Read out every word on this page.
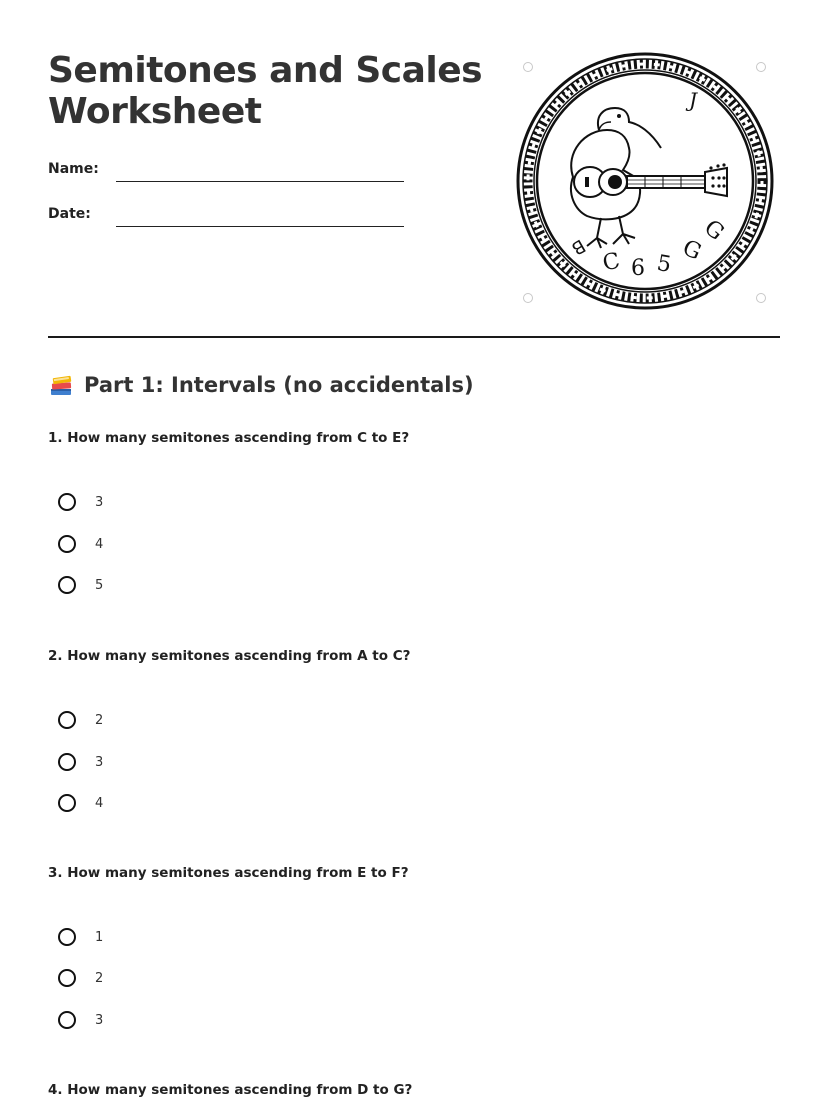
Semitones and Scales Worksheet
Name:
Date:
J
ꓭ
C 6 5 G
G
Part 1: Intervals (no accidentals)

1. How many semitones ascending from C to E?

3
4
5

2. How many semitones ascending from A to C?

2
3
4

3. How many semitones ascending from E to F?

1
2
3

4. How many semitones ascending from D to G?
